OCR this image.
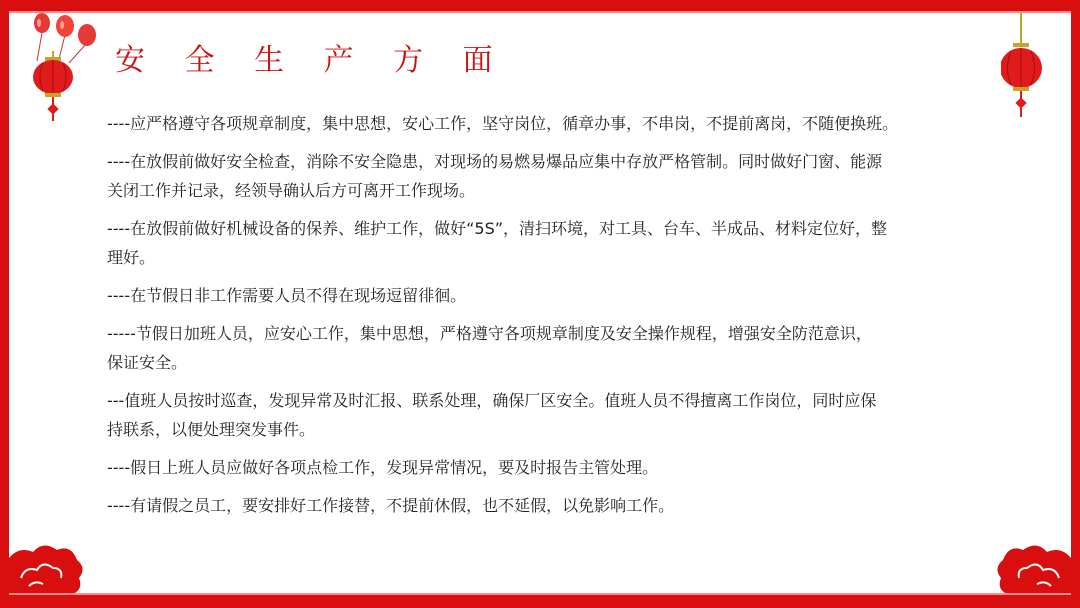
安 全 生 产 方 面
----应严格遵守各项规章制度，集中思想，安心工作，坚守岗位，循章办事，不串岗，不提前离岗，不随便换班。
----在放假前做好安全检查，消除不安全隐患，对现场的易燃易爆品应集中存放严格管制。同时做好门窗、能源
关闭工作并记录，经领导确认后方可离开工作现场。
----在放假前做好机械设备的保养、维护工作，做好“5S”，清扫环境，对工具、台车、半成品、材料定位好，整
理好。
----在节假日非工作需要人员不得在现场逗留徘徊。
-----节假日加班人员，应安心工作，集中思想，严格遵守各项规章制度及安全操作规程，增强安全防范意识，
保证安全。
---值班人员按时巡查，发现异常及时汇报、联系处理，确保厂区安全。值班人员不得擅离工作岗位，同时应保
持联系，以便处理突发事件。
----假日上班人员应做好各项点检工作，发现异常情况，要及时报告主管处理。
----有请假之员工，要安排好工作接替，不提前休假，也不延假，以免影响工作。
